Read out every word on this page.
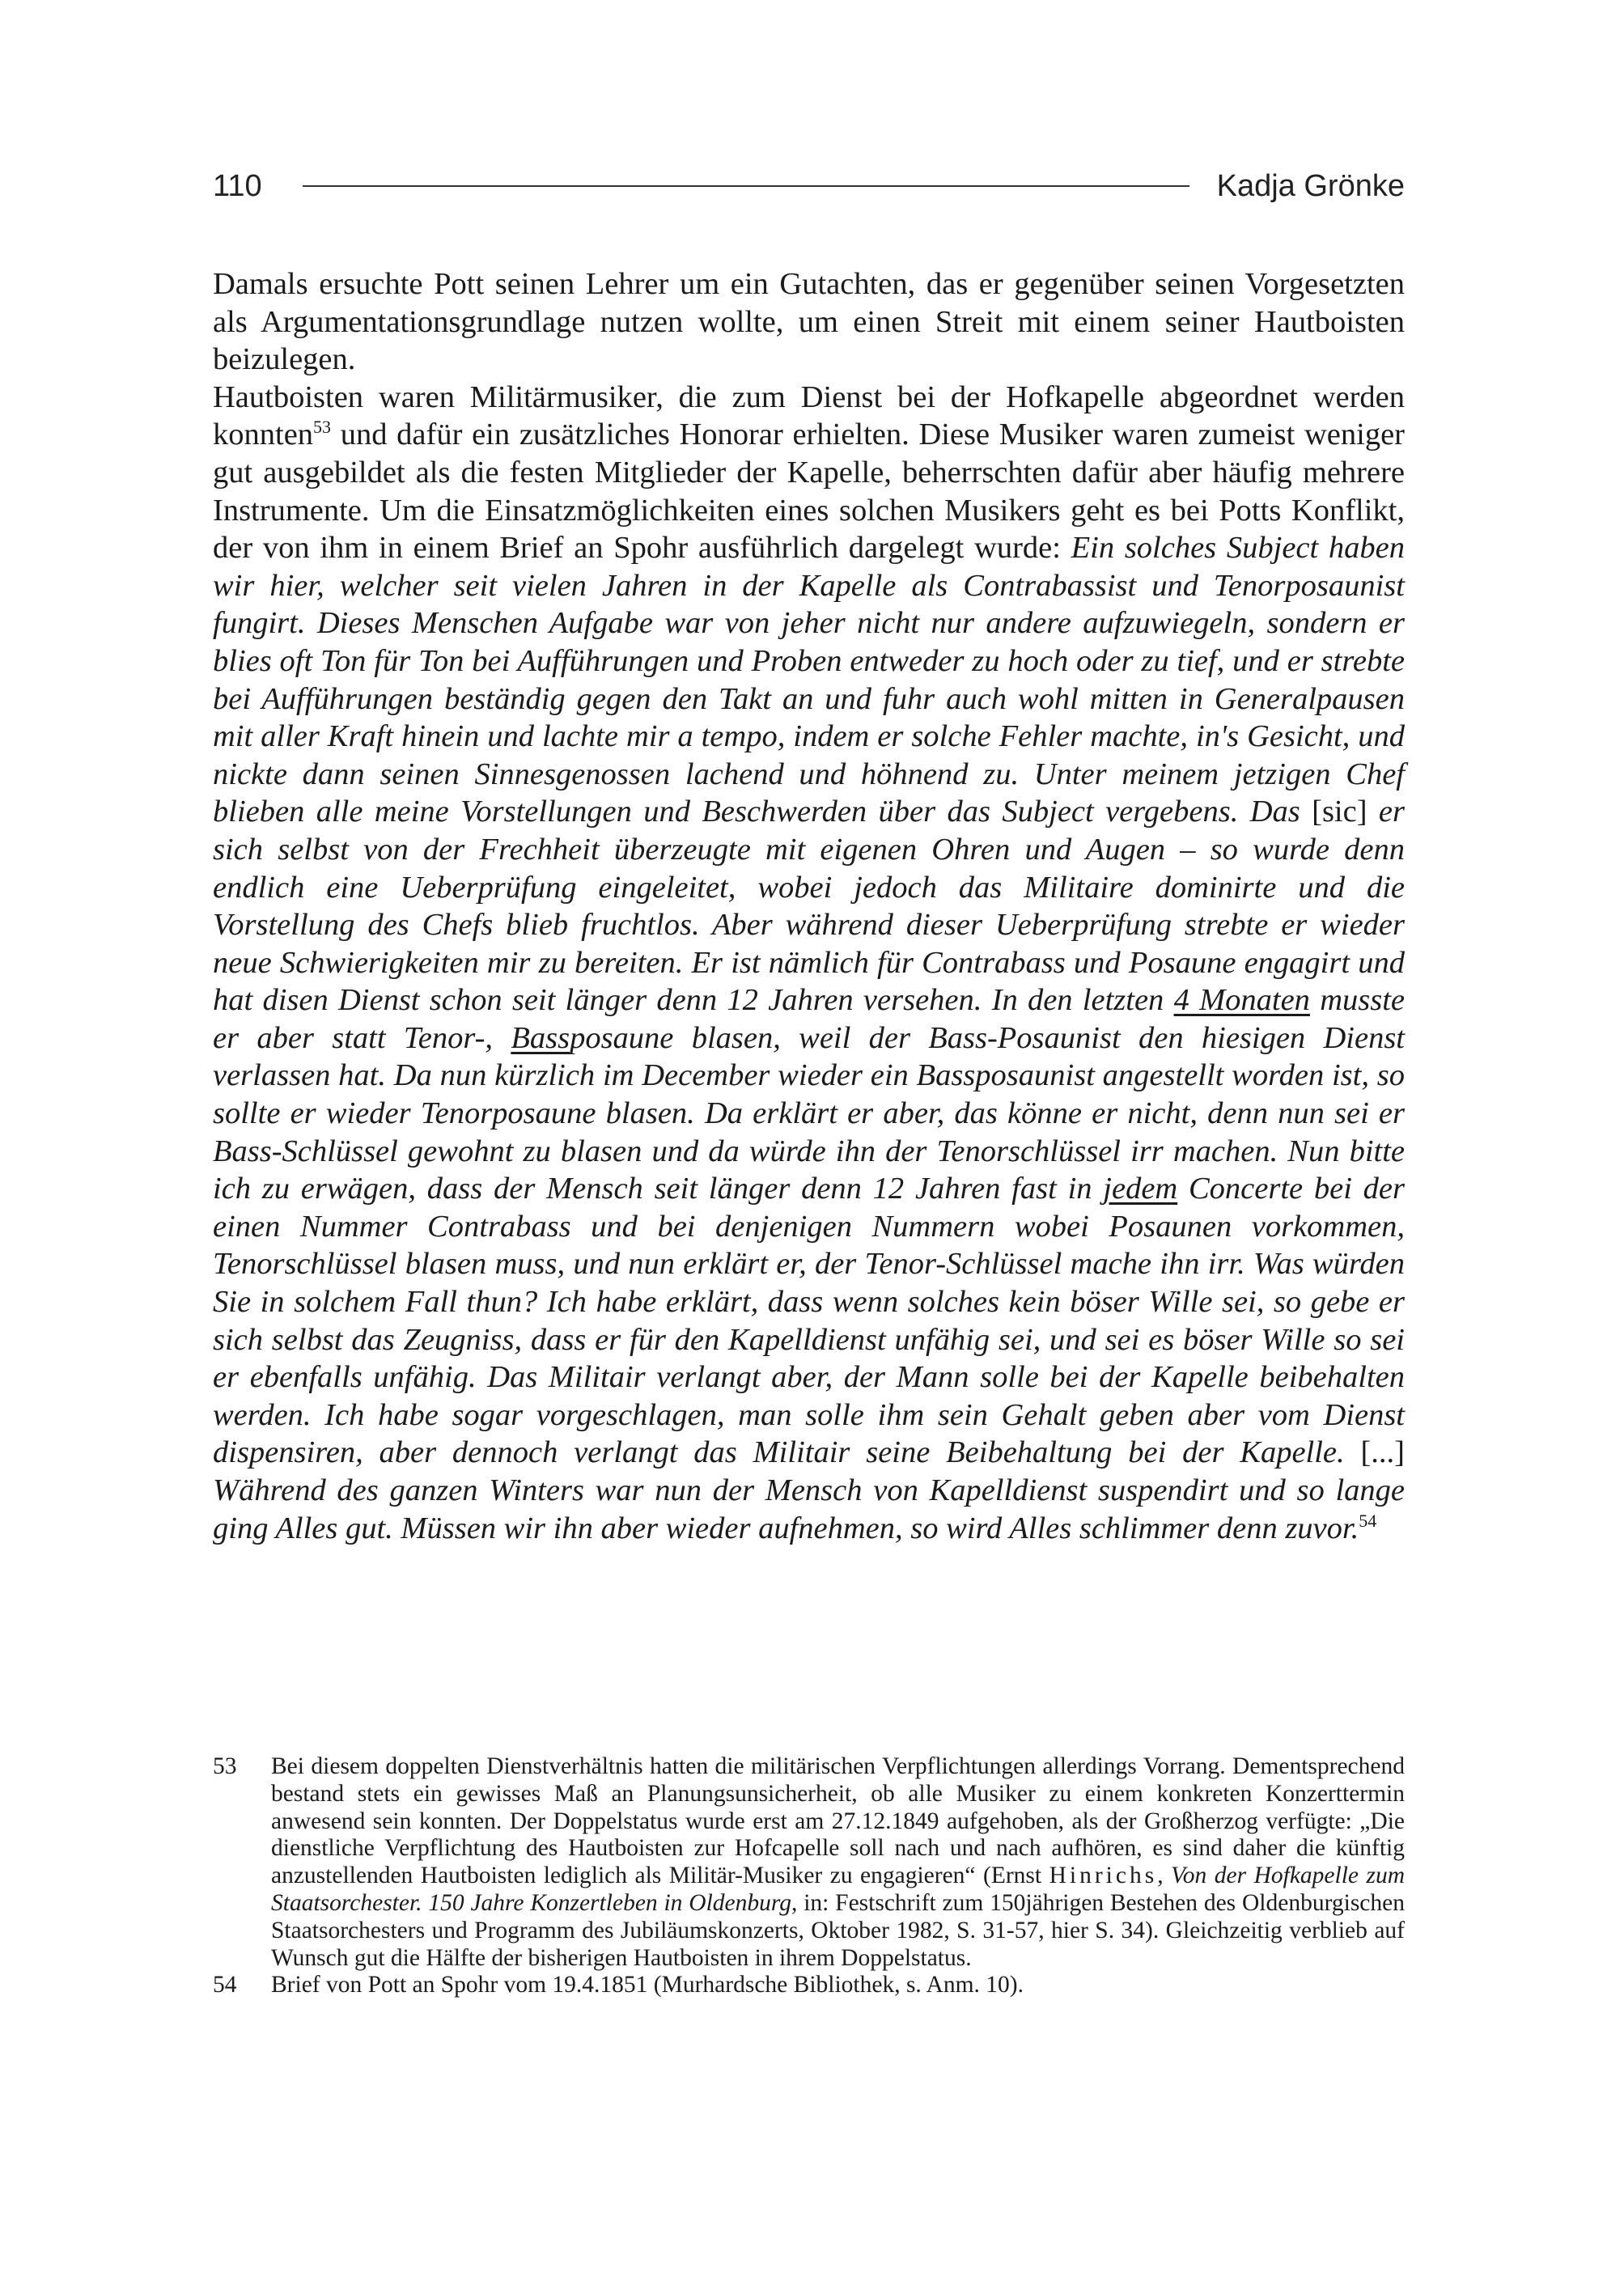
110	Kadja Grönke

Damals ersuchte Pott seinen Lehrer um ein Gutachten, das er gegenüber seinen Vorgesetzten als Argumentationsgrundlage nutzen wollte, um einen Streit mit einem seiner Hautboisten beizulegen.

Hautboisten waren Militärmusiker, die zum Dienst bei der Hofkapelle abgeordnet werden konnten$^{53}$ und dafür ein zusätzliches Honorar erhielten. Diese Musiker waren zumeist weniger gut ausgebildet als die festen Mitglieder der Kapelle, beherrschten dafür aber häufig mehrere Instrumente. Um die Einsatzmöglichkeiten eines solchen Musikers geht es bei Potts Konflikt, der von ihm in einem Brief an Spohr ausführlich dargelegt wurde: Ein solches Subject haben wir hier, welcher seit vielen Jahren in der Kapelle als Contrabassist und Tenorposaunist fungirt. Dieses Menschen Aufgabe war von jeher nicht nur andere aufzuwiegeln, sondern er blies oft Ton für Ton bei Aufführungen und Proben entweder zu hoch oder zu tief, und er strebte bei Aufführungen beständig gegen den Takt an und fuhr auch wohl mitten in Generalpausen mit aller Kraft hinein und lachte mir a tempo, indem er solche Fehler machte, in's Gesicht, und nickte dann seinen Sinnesgenossen lachend und höhnend zu. Unter meinem jetzigen Chef blieben alle meine Vorstellungen und Beschwerden über das Subject vergebens. Das [sic] er sich selbst von der Frechheit überzeugte mit eigenen Ohren und Augen – so wurde denn endlich eine Ueberprüfung eingeleitet, wobei jedoch das Militaire dominirte und die Vorstellung des Chefs blieb fruchtlos. Aber während dieser Ueberprüfung strebte er wieder neue Schwierigkeiten mir zu bereiten. Er ist nämlich für Contrabass und Posaune engagirt und hat disen Dienst schon seit länger denn 12 Jahren versehen. In den letzten 4 Monaten musste er aber statt Tenor-, Bassposaune blasen, weil der Bass-Posaunist den hiesigen Dienst verlassen hat. Da nun kürzlich im December wieder ein Bassposaunist angestellt worden ist, so sollte er wieder Tenorposaune blasen. Da erklärt er aber, das könne er nicht, denn nun sei er Bass-Schlüssel gewohnt zu blasen und da würde ihn der Tenorschlüssel irr machen. Nun bitte ich zu erwägen, dass der Mensch seit länger denn 12 Jahren fast in jedem Concerte bei der einen Nummer Contrabass und bei denjenigen Nummern wobei Posaunen vorkommen, Tenorschlüssel blasen muss, und nun erklärt er, der Tenor-Schlüssel mache ihn irr. Was würden Sie in solchem Fall thun? Ich habe erklärt, dass wenn solches kein böser Wille sei, so gebe er sich selbst das Zeugniss, dass er für den Kapelldienst unfähig sei, und sei es böser Wille so sei er ebenfalls unfähig. Das Militair verlangt aber, der Mann solle bei der Kapelle beibehalten werden. Ich habe sogar vorgeschlagen, man solle ihm sein Gehalt geben aber vom Dienst dispensiren, aber dennoch verlangt das Militair seine Beibehaltung bei der Kapelle. [...] Während des ganzen Winters war nun der Mensch von Kapelldienst suspendirt und so lange ging Alles gut. Müssen wir ihn aber wieder aufnehmen, so wird Alles schlimmer denn zuvor.$^{54}$

53	Bei diesem doppelten Dienstverhältnis hatten die militärischen Verpflichtungen allerdings Vorrang. Dementsprechend bestand stets ein gewisses Maß an Planungsunsicherheit, ob alle Musiker zu einem konkreten Konzerttermin anwesend sein konnten. Der Doppelstatus wurde erst am 27.12.1849 aufgehoben, als der Großherzog verfügte: „Die dienstliche Verpflichtung des Hautboisten zur Hofcapelle soll nach und nach aufhören, es sind daher die künftig anzustellenden Hautboisten lediglich als Militär-Musiker zu engagieren“ (Ernst Hinrichs, Von der Hofkapelle zum Staatsorchester. 150 Jahre Konzertleben in Oldenburg, in: Festschrift zum 150jährigen Bestehen des Oldenburgischen Staatsorchesters und Programm des Jubiläumskonzerts, Oktober 1982, S. 31-57, hier S. 34). Gleichzeitig verblieb auf Wunsch gut die Hälfte der bisherigen Hautboisten in ihrem Doppelstatus.
54	Brief von Pott an Spohr vom 19.4.1851 (Murhardsche Bibliothek, s. Anm. 10).
